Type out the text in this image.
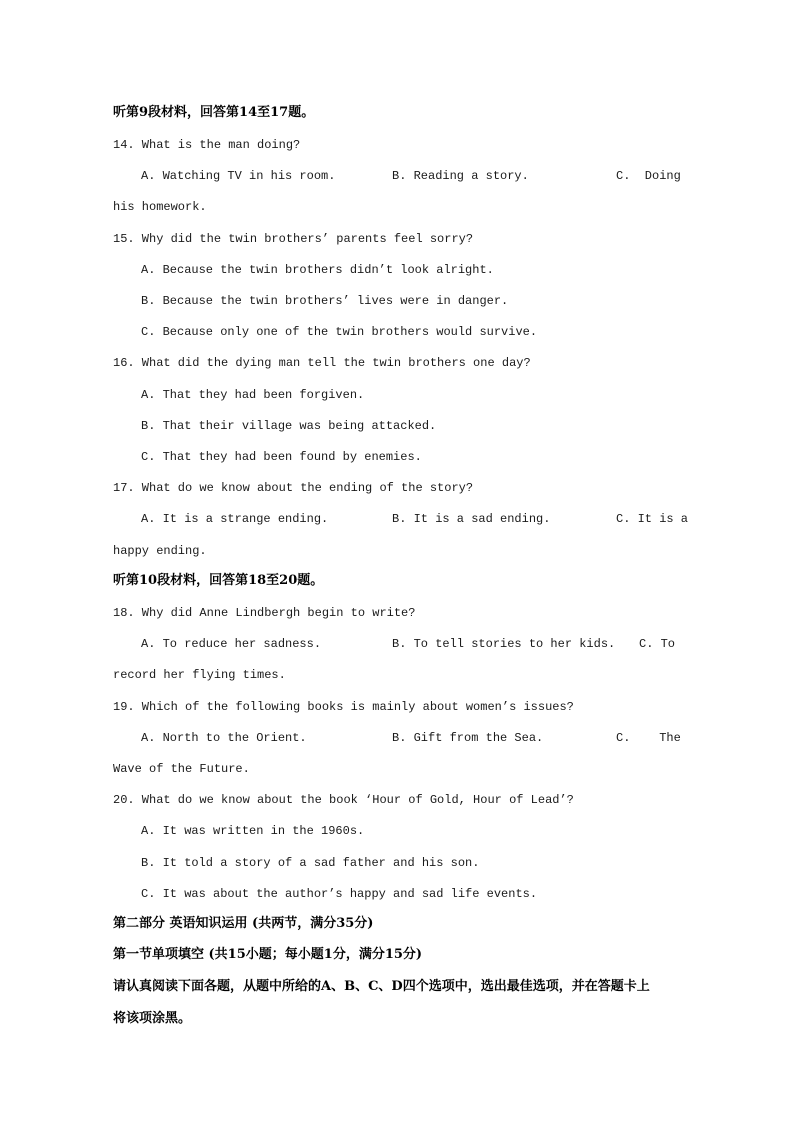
听第9段材料，回答第14至17题。
14. What is the man doing?
A. Watching TV in his room.	B. Reading a story.	C.  Doing
his homework.
15. Why did the twin brothers’ parents feel sorry?
A. Because the twin brothers didn’t look alright.
B. Because the twin brothers’ lives were in danger.
C. Because only one of the twin brothers would survive.
16. What did the dying man tell the twin brothers one day?
A. That they had been forgiven.
B. That their village was being attacked.
C. That they had been found by enemies.
17. What do we know about the ending of the story?
A. It is a strange ending.	B. It is a sad ending.	C. It is a
happy ending.
听第10段材料，回答第18至20题。
18. Why did Anne Lindbergh begin to write?
A. To reduce her sadness.	B. To tell stories to her kids. C. To
record her flying times.
19. Which of the following books is mainly about women’s issues?
A. North to the Orient.	B. Gift from the Sea.	C.    The
Wave of the Future.
20. What do we know about the book ‘Hour of Gold, Hour of Lead’?
A. It was written in the 1960s.
B. It told a story of a sad father and his son.
C. It was about the author’s happy and sad life events.
第二部分 英语知识运用 (共两节，满分35分)
第一节单项填空 (共15小题；每小题1分，满分15分)
请认真阅读下面各题，从题中所给的A、B、C、D四个选项中，选出最佳选项，并在答题卡上
将该项涂黑。
